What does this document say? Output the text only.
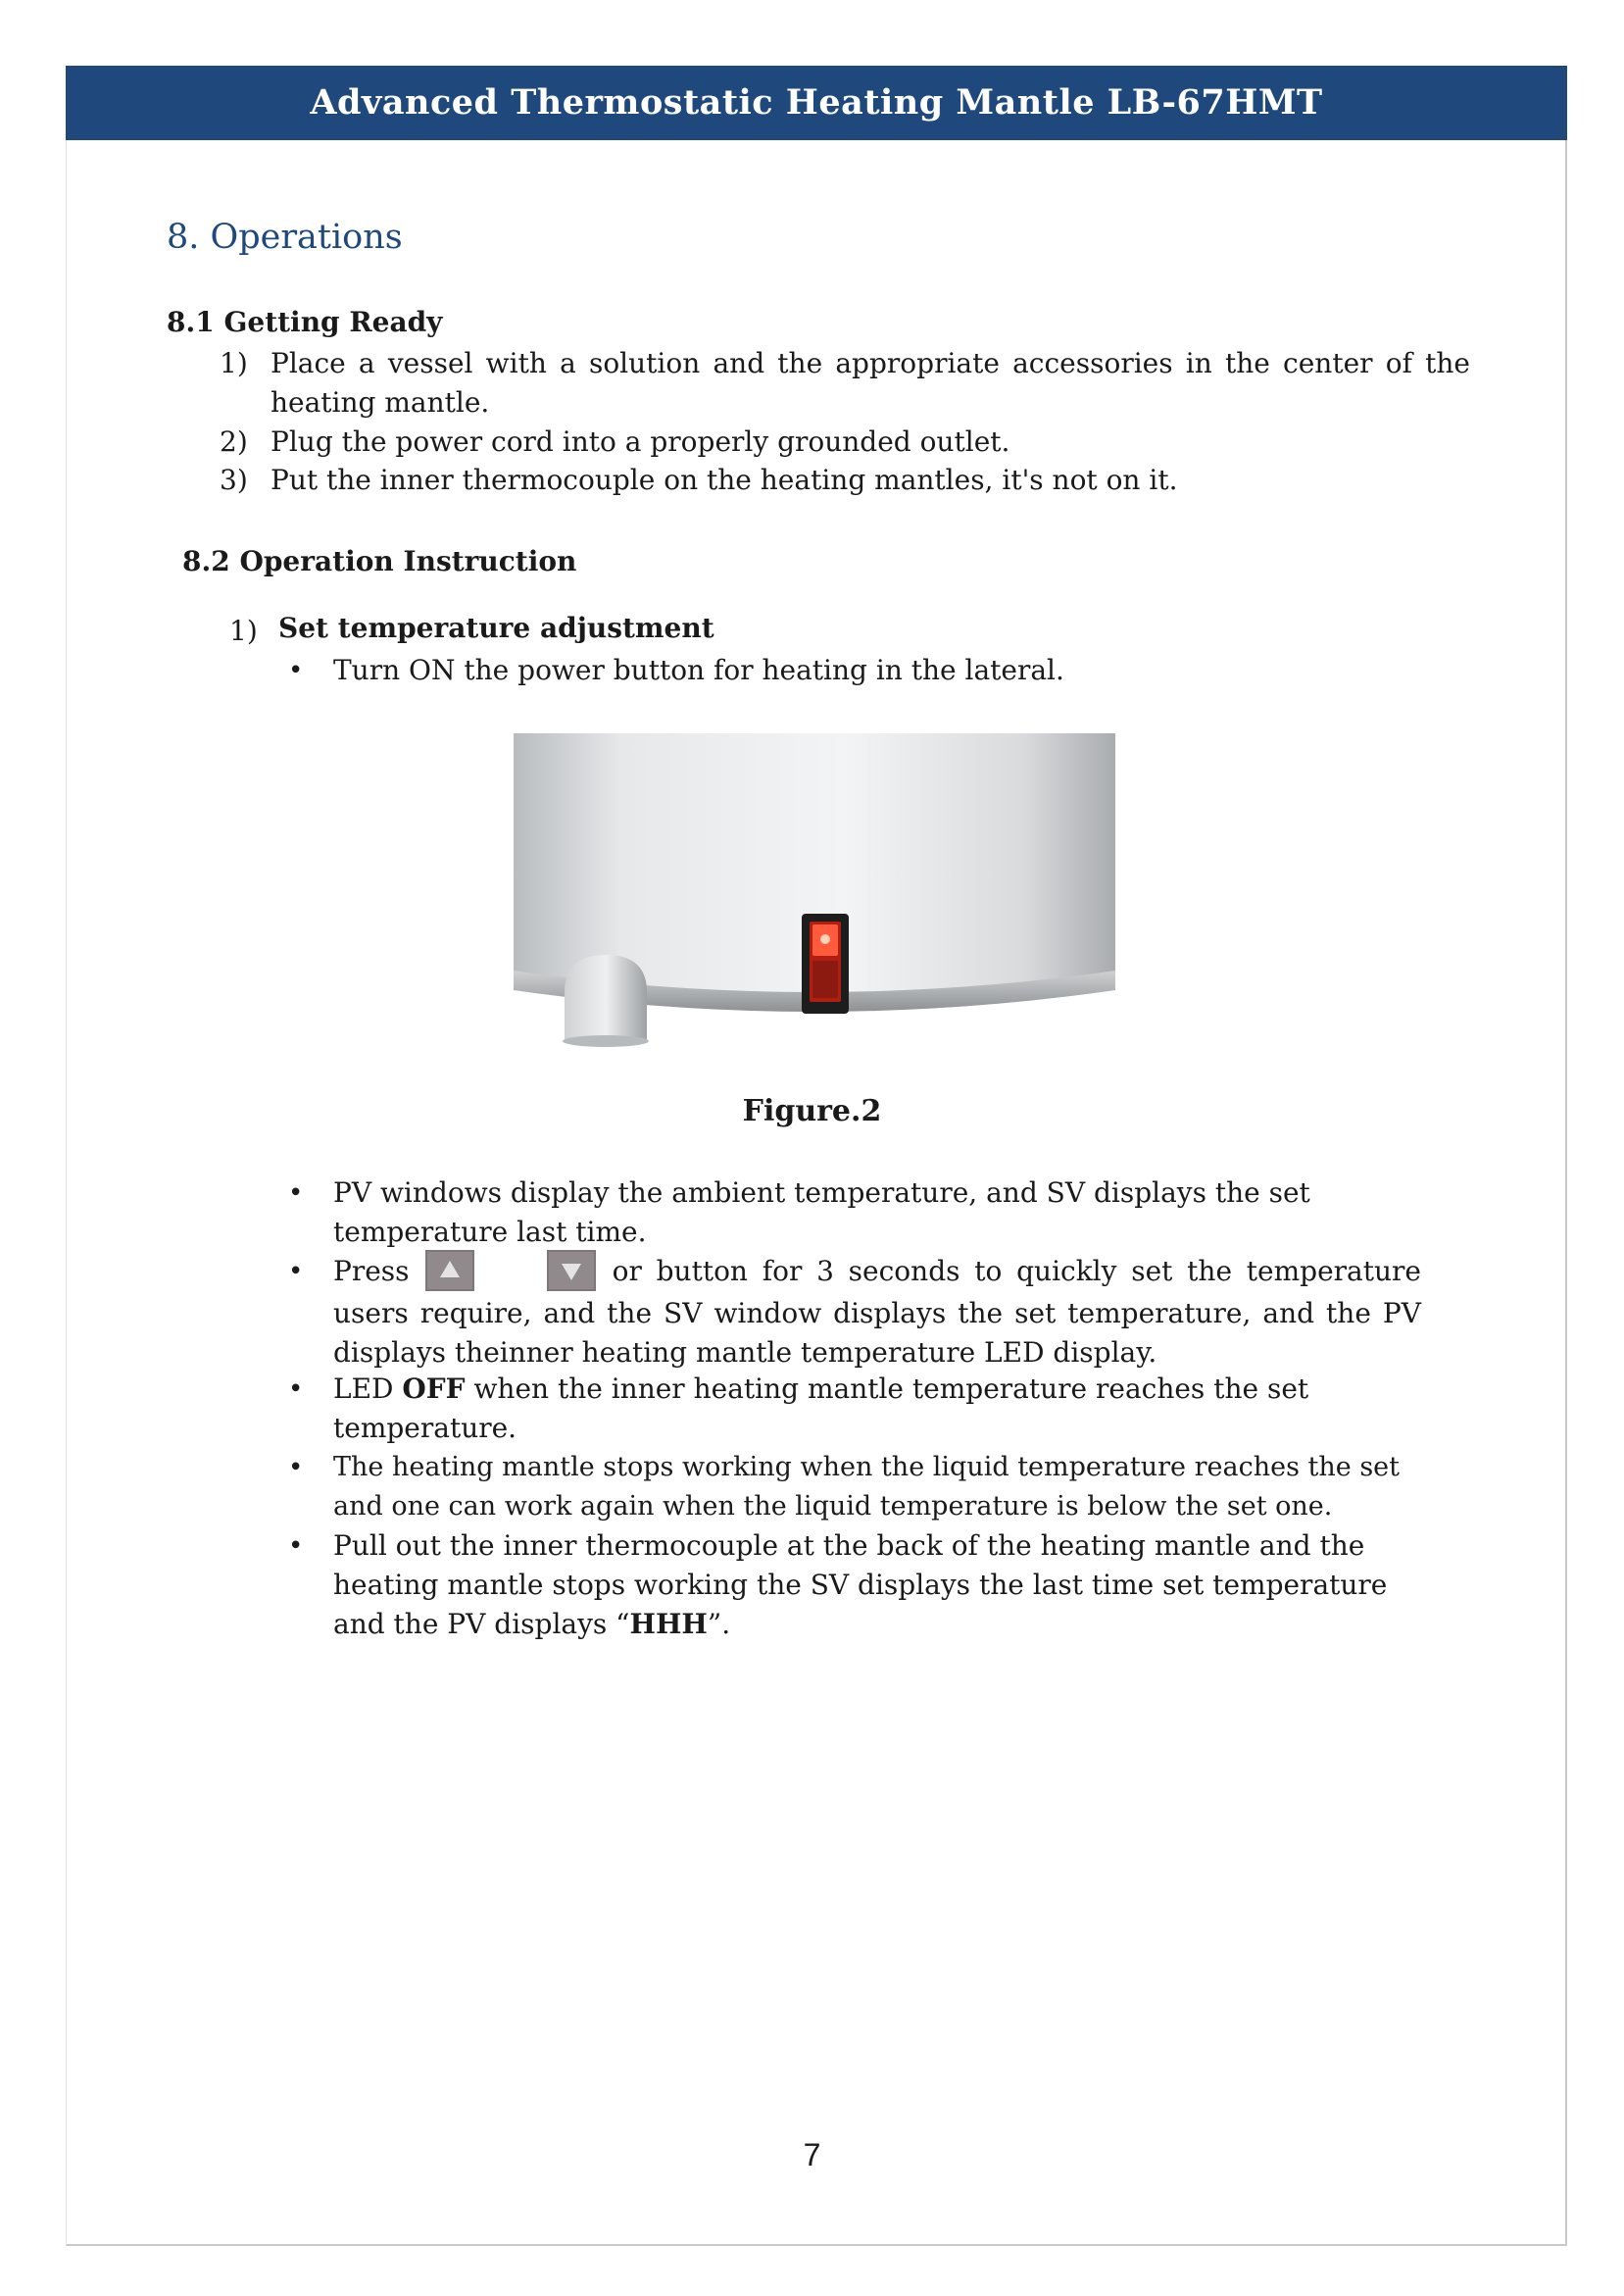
Advanced Thermostatic Heating Mantle LB-67HMT
8. Operations
8.1 Getting Ready
1) Place a vessel with a solution and the appropriate accessories in the center of the heating mantle.
2) Plug the power cord into a properly grounded outlet.
3) Put the inner thermocouple on the heating mantles, it's not on it.
8.2 Operation Instruction
1) Set temperature adjustment
• Turn ON the power button for heating in the lateral.
Figure.2
• PV windows display the ambient temperature, and SV displays the set temperature last time.
• Press	or button for 3 seconds to quickly set the temperature users require, and the SV window displays the set temperature, and the PV displays theinner heating mantle temperature LED display.
• LED OFF when the inner heating mantle temperature reaches the set temperature.
• The heating mantle stops working when the liquid temperature reaches the set and one can work again when the liquid temperature is below the set one.
• Pull out the inner thermocouple at the back of the heating mantle and the heating mantle stops working the SV displays the last time set temperature and the PV displays “HHH”.
7
